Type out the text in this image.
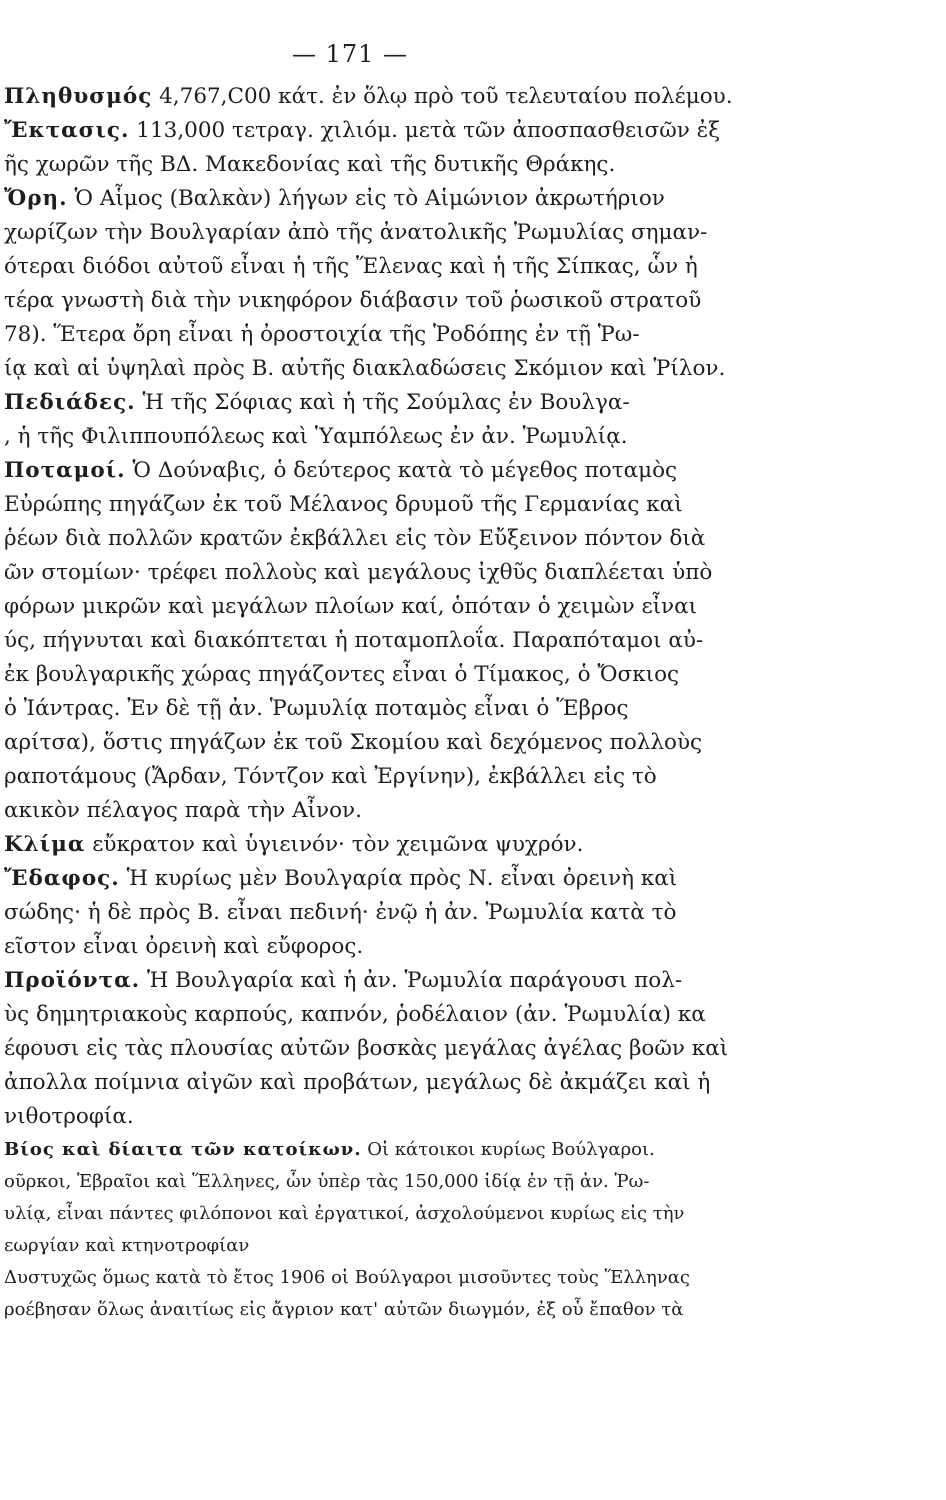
— 171 —
Πληθυσμός 4,767,C00 κάτ. ἐν ὅλῳ πρὸ τοῦ τελευταίου πολέμου.
Ἔκτασις. 113,000 τετραγ. χιλιόμ. μετὰ τῶν ἀποσπασθεισῶν ἐξ
ῆς χωρῶν τῆς ΒΔ. Μακεδονίας καὶ τῆς δυτικῆς Θράκης.
Ὄρη. Ὁ Αἷμος (Βαλκὰν) λήγων εἰς τὸ Αἱμώνιον ἀκρωτήριον
χωρίζων τὴν Βουλγαρίαν ἀπὸ τῆς ἀνατολικῆς Ῥωμυλίας σημαν-
ότεραι διόδοι αὐτοῦ εἶναι ἡ τῆς Ἕλενας καὶ ἡ τῆς Σίπκας, ὧν ἡ
τέρα γνωστὴ διὰ τὴν νικηφόρον διάβασιν τοῦ ῥωσικοῦ στρατοῦ
78). Ἕτερα ὄρη εἶναι ἡ ὀροστοιχία τῆς Ῥοδόπης ἐν τῇ Ῥω-
ίᾳ καὶ αἱ ὑψηλαὶ πρὸς Β. αὐτῆς διακλαδώσεις Σκόμιον καὶ Ῥίλον.
Πεδιάδες. Ἡ τῆς Σόφιας καὶ ἡ τῆς Σούμλας ἐν Βουλγα-
, ἡ τῆς Φιλιππουπόλεως καὶ Ὑαμπόλεως ἐν ἀν. Ῥωμυλίᾳ.
Ποταμοί. Ὁ Δούναβις, ὁ δεύτερος κατὰ τὸ μέγεθος ποταμὸς
Εὐρώπης πηγάζων ἐκ τοῦ Μέλανος δρυμοῦ τῆς Γερμανίας καὶ
ῥέων διὰ πολλῶν κρατῶν ἐκβάλλει εἰς τὸν Εὔξεινον πόντον διὰ
ῶν στομίων· τρέφει πολλοὺς καὶ μεγάλους ἰχθῦς διαπλέεται ὑπὸ
φόρων μικρῶν καὶ μεγάλων πλοίων καί, ὁπόταν ὁ χειμὼν εἶναι
ύς, πήγνυται καὶ διακόπτεται ἡ ποταμοπλοΐα. Παραπόταμοι αὐ-
ἐκ βουλγαρικῆς χώρας πηγάζοντες εἶναι ὁ Τίμακος, ὁ Ὄσκιος
ὁ Ἰάντρας. Ἐν δὲ τῇ ἀν. Ῥωμυλίᾳ ποταμὸς εἶναι ὁ Ἕβρος
αρίτσα), ὅστις πηγάζων ἐκ τοῦ Σκομίου καὶ δεχόμενος πολλοὺς
ραποτάμους (Ἄρδαν, Τόντζον καὶ Ἐργίνην), ἐκβάλλει εἰς τὸ
ακικὸν πέλαγος παρὰ τὴν Αἶνον.
Κλίμα εὔκρατον καὶ ὑγιεινόν· τὸν χειμῶνα ψυχρόν.
Ἔδαφος. Ἡ κυρίως μὲν Βουλγαρία πρὸς Ν. εἶναι ὀρεινὴ καὶ
σώδης· ἡ δὲ πρὸς Β. εἶναι πεδινή· ἐνῷ ἡ ἀν. Ῥωμυλία κατὰ τὸ
εῖστον εἶναι ὀρεινὴ καὶ εὔφορος.
Προϊόντα. Ἡ Βουλγαρία καὶ ἡ ἀν. Ῥωμυλία παράγουσι πολ-
ὺς δημητριακοὺς καρπούς, καπνόν, ῥοδέλαιον (ἀν. Ῥωμυλία) κα
έφουσι εἰς τὰς πλουσίας αὐτῶν βοσκὰς μεγάλας ἀγέλας βοῶν καὶ
ἀπολλα ποίμνια αἰγῶν καὶ προβάτων, μεγάλως δὲ ἀκμάζει καὶ ἡ
νιθοτροφία.
Βίος καὶ δίαιτα τῶν κατοίκων. Οἱ κάτοικοι κυρίως Βούλγαροι.
οῦρκοι, Ἑβραῖοι καὶ Ἕλληνες, ὧν ὑπὲρ τὰς 150,000 ἰδίᾳ ἐν τῇ ἀν. Ῥω-
υλίᾳ, εἶναι πάντες φιλόπονοι καὶ ἐργατικοί, ἀσχολούμενοι κυρίως εἰς τὴν
εωργίαν καὶ κτηνοτροφίαν
Δυστυχῶς ὅμως κατὰ τὸ ἔτος 1906 οἱ Βούλγαροι μισοῦντες τοὺς Ἕλληνας
ροέβησαν ὅλως ἀναιτίως εἰς ἄγριον κατ' αὐτῶν διωγμόν, ἐξ οὗ ἔπαθον τὰ
